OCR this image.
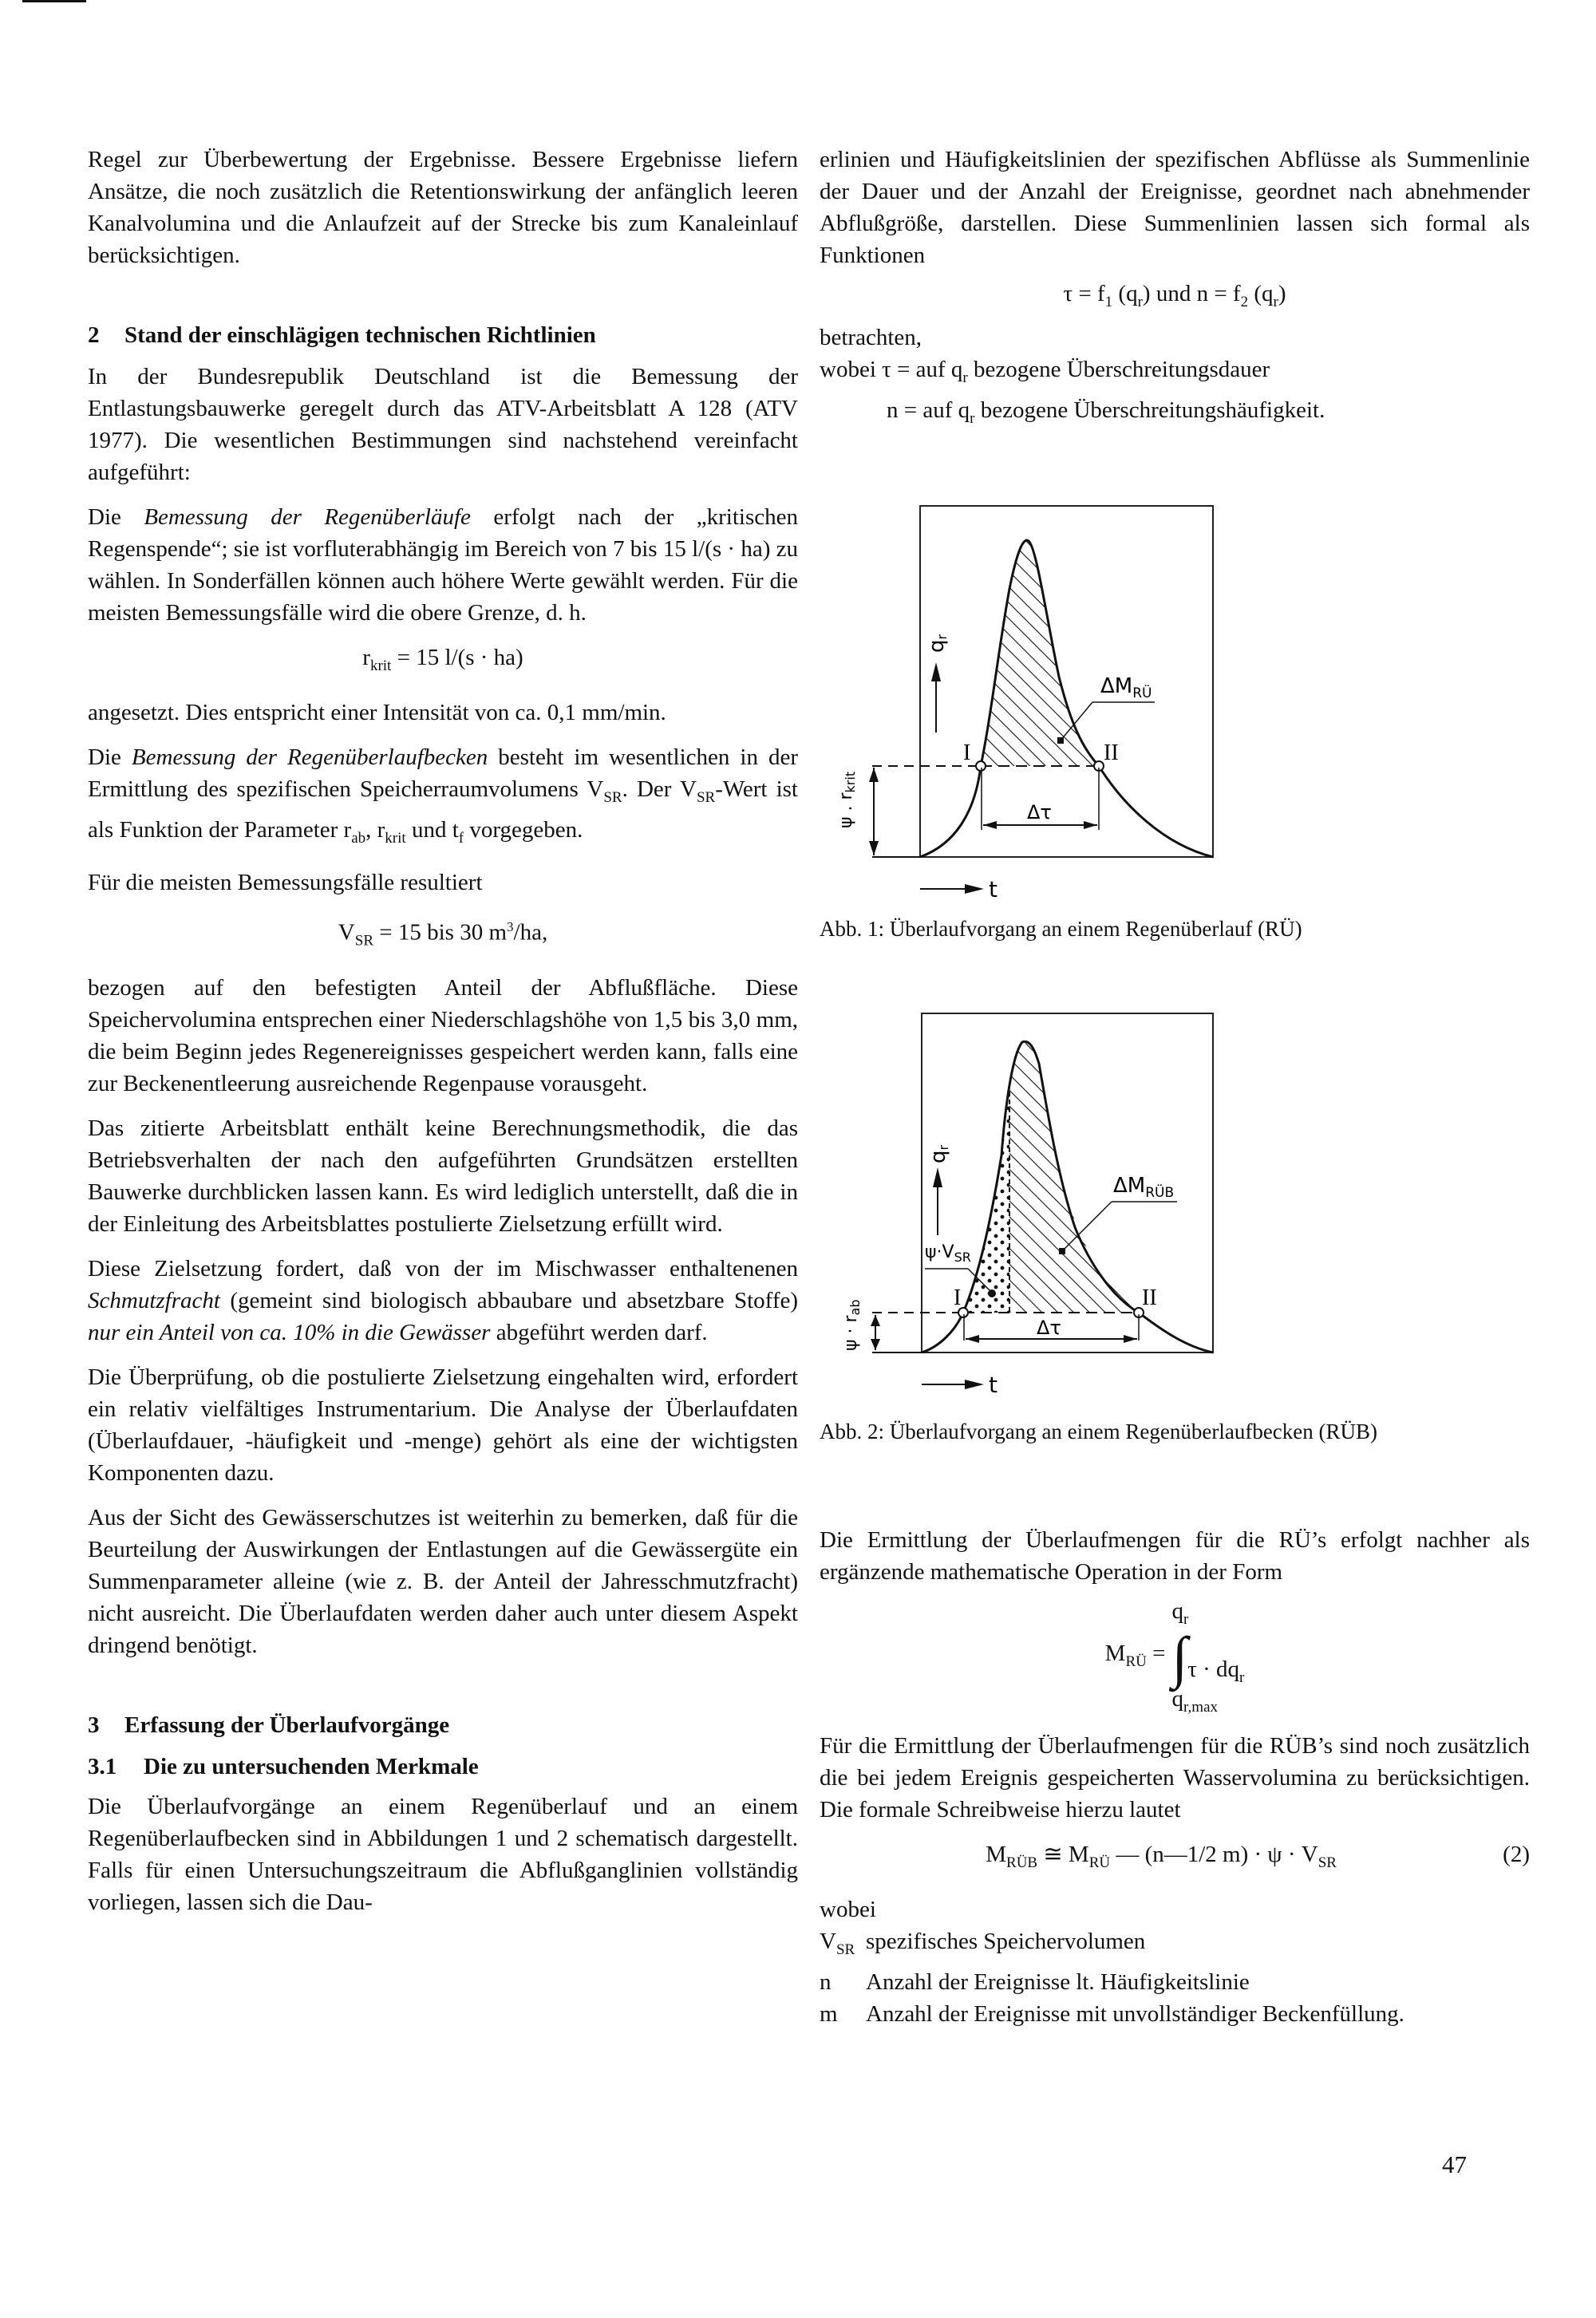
Regel zur Überbewertung der Ergebnisse. Bessere Ergebnisse liefern Ansätze, die noch zusätzlich die Retentionswirkung der anfänglich leeren Kanalvolumina und die Anlaufzeit auf der Strecke bis zum Kanaleinlauf berücksichtigen.

2 Stand der einschlägigen technischen Richtlinien

In der Bundesrepublik Deutschland ist die Bemessung der Entlastungsbauwerke geregelt durch das ATV-Arbeitsblatt A 128 (ATV 1977). Die wesentlichen Bestimmungen sind nachstehend vereinfacht aufgeführt:

Die Bemessung der Regenüberläufe erfolgt nach der „kritischen Regenspende“; sie ist vorfluterabhängig im Bereich von 7 bis 15 l/(s · ha) zu wählen. In Sonderfällen können auch höhere Werte gewählt werden. Für die meisten Bemessungsfälle wird die obere Grenze, d. h.

$r_{krit} = 15$ l/(s · ha)

angesetzt. Dies entspricht einer Intensität von ca. 0,1 mm/min.

Die Bemessung der Regenüberlaufbecken besteht im wesentlichen in der Ermittlung des spezifischen Speicherraumvolumens $V_{SR}$. Der $V_{SR}$-Wert ist als Funktion der Parameter $r_{ab}$, $r_{krit}$ und $t_f$ vorgegeben.

Für die meisten Bemessungsfälle resultiert

$V_{SR} = 15$ bis 30 $m^3/ha$,

bezogen auf den befestigten Anteil der Abflußfläche. Diese Speichervolumina entsprechen einer Niederschlagshöhe von 1,5 bis 3,0 mm, die beim Beginn jedes Regenereignisses gespeichert werden kann, falls eine zur Beckenentleerung ausreichende Regenpause vorausgeht.

Das zitierte Arbeitsblatt enthält keine Berechnungsmethodik, die das Betriebsverhalten der nach den aufgeführten Grundsätzen erstellten Bauwerke durchblicken lassen kann. Es wird lediglich unterstellt, daß die in der Einleitung des Arbeitsblattes postulierte Zielsetzung erfüllt wird.

Diese Zielsetzung fordert, daß von der im Mischwasser enthaltenenen Schmutzfracht (gemeint sind biologisch abbaubare und absetzbare Stoffe) nur ein Anteil von ca. 10% in die Gewässer abgeführt werden darf.

Die Überprüfung, ob die postulierte Zielsetzung eingehalten wird, erfordert ein relativ vielfältiges Instrumentarium. Die Analyse der Überlaufdaten (Überlaufdauer, -häufigkeit und -menge) gehört als eine der wichtigsten Komponenten dazu.

Aus der Sicht des Gewässerschutzes ist weiterhin zu bemerken, daß für die Beurteilung der Auswirkungen der Entlastungen auf die Gewässergüte ein Summenparameter alleine (wie z. B. der Anteil der Jahresschmutzfracht) nicht ausreicht. Die Überlaufdaten werden daher auch unter diesem Aspekt dringend benötigt.

3 Erfassung der Überlaufvorgänge
3.1 Die zu untersuchenden Merkmale

Die Überlaufvorgänge an einem Regenüberlauf und an einem Regenüberlaufbecken sind in Abbildungen 1 und 2 schematisch dargestellt. Falls für einen Untersuchungszeitraum die Abflußganglinien vollständig vorliegen, lassen sich die Dau-

erlinien und Häufigkeitslinien der spezifischen Abflüsse als Summenlinie der Dauer und der Anzahl der Ereignisse, geordnet nach abnehmender Abflußgröße, darstellen. Diese Summenlinien lassen sich formal als Funktionen

$\tau = f_1$ $(q_r)$ und $n = f_2$ $(q_r)$
betrachten,
wobei τ = auf $q_r$ bezogene Überschreitungsdauer
n = auf $q_r$ bezogene Überschreitungshäufigkeit.
ψ . rkrit
qr
I	II
Δτ
$\Delta M_{RÜ}$
t
Abb. 1: Überlaufvorgang an einem Regenüberlauf (RÜ)
ψ · rab
qr
$\psi\cdot V_{SR}$
I	II
Δτ
$\Delta M_{RÜB}$
t
Abb. 2: Überlaufvorgang an einem Regenüberlaufbecken (RÜB)

Die Ermittlung der Überlaufmengen für die RÜ’s erfolgt nachher als ergänzende mathematische Operation in der Form

$M_{RÜ}$ =
$q_r$
$\int\tau \cdot dq_r$
$q_{r,max}$

Für die Ermittlung der Überlaufmengen für die RÜB’s sind noch zusätzlich die bei jedem Ereignis gespeicherten Wasservolumina zu berücksichtigen. Die formale Schreibweise hierzu lautet

$M_{RÜB}$ ≅ $M_{RÜ}$ — (n—1/2 $m) \cdot \psi \cdot V_{SR}$	(2)
wobei
$V_{SR}$ spezifisches Speichervolumen
n	Anzahl der Ereignisse lt. Häufigkeitslinie
m	Anzahl der Ereignisse mit unvollständiger Beckenfüllung.
47
